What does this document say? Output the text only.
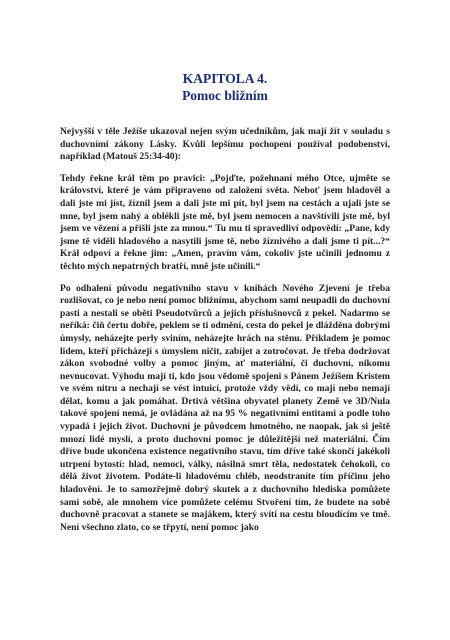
KAPITOLA 4.
Pomoc bližním

Nejvyšší v těle Ježíše ukazoval nejen svým učedníkům, jak mají žít v souladu s duchovními zákony Lásky. Kvůli lepšímu pochopení používal podobenství, například (Matouš 25:34-40):

Tehdy řekne král těm po pravici: „Pojďte, požehnaní mého Otce, ujměte se království, které je vám připraveno od založení světa. Neboť jsem hladověl a dali jste mi jíst, žíznil jsem a dali jste mi pít, byl jsem na cestách a ujali jste se mne, byl jsem nahý a oblékli jste mě, byl jsem nemocen a navštívili jste mě, byl jsem ve vězení a přišli jste za mnou.“ Tu mu ti spravedliví odpovědí: „Pane, kdy jsme tě viděli hladového a nasytili jsme tě, nebo žíznivého a dali jsme ti pít...?“ Král odpoví a řekne jim: „Amen, pravím vám, cokoliv jste učinili jednomu z těchto mých nepatrných bratří, mně jste učinili.“

Po odhalení původu negativního stavu v knihách Nového Zjevení je třeba rozlišovat, co je nebo není pomoc bližnímu, abychom sami neupadli do duchovní pasti a nestali se oběti Pseudotvůrců a jejich příslušnovců z pekel. Nadarmo se neříká: čiň čertu dobře, peklem se ti odmění, cesta do pekel je dlážděna dobrými úmysly, neházejte perly sviním, neházejte hrách na stěnu. Příkladem je pomoc lidem, kteří přicházejí s úmyslem ničit, zabíjet a zotročovat. Je třeba dodržovat zákon svobodné volby a pomoc jiným, ať materiální, či duchovní, nikomu nevnucovat. Výhodu mají ti, kdo jsou vědomě spojeni s Pánem Ježíšem Kristem ve svém nitru a nechají se vést intuicí, protože vždy vědí, co mají nebo nemají dělat, komu a jak pomáhat. Drtivá většina obyvatel planety Země ve 3D/Nula takové spojení nemá, je ovládána až na 95 % negativními entitami a podle toho vypadá i jejich život. Duchovní je původcem hmotného, ne naopak, jak si ještě mnozí lidé myslí, a proto duchovní pomoc je důležitější než materiální. Čím dříve bude ukončena existence negativního stavu, tím dříve také skončí jakékoli utrpení bytostí: hlad, nemoci, války, násilná smrt těla, nedostatek čehokoli, co dělá život životem. Podáte-li hladovému chléb, neodstraníte tím příčinu jeho hladovění. Je to samozřejmě dobrý skutek a z duchovního hlediska pomůžete sami sobě, ale mnohem více pomůžete celému Stvoření tím, že budete na sobě duchovně pracovat a stanete se majákem, který svítí na cestu bloudícím ve tmě. Není všechno zlato, co se třpytí, není pomoc jako
